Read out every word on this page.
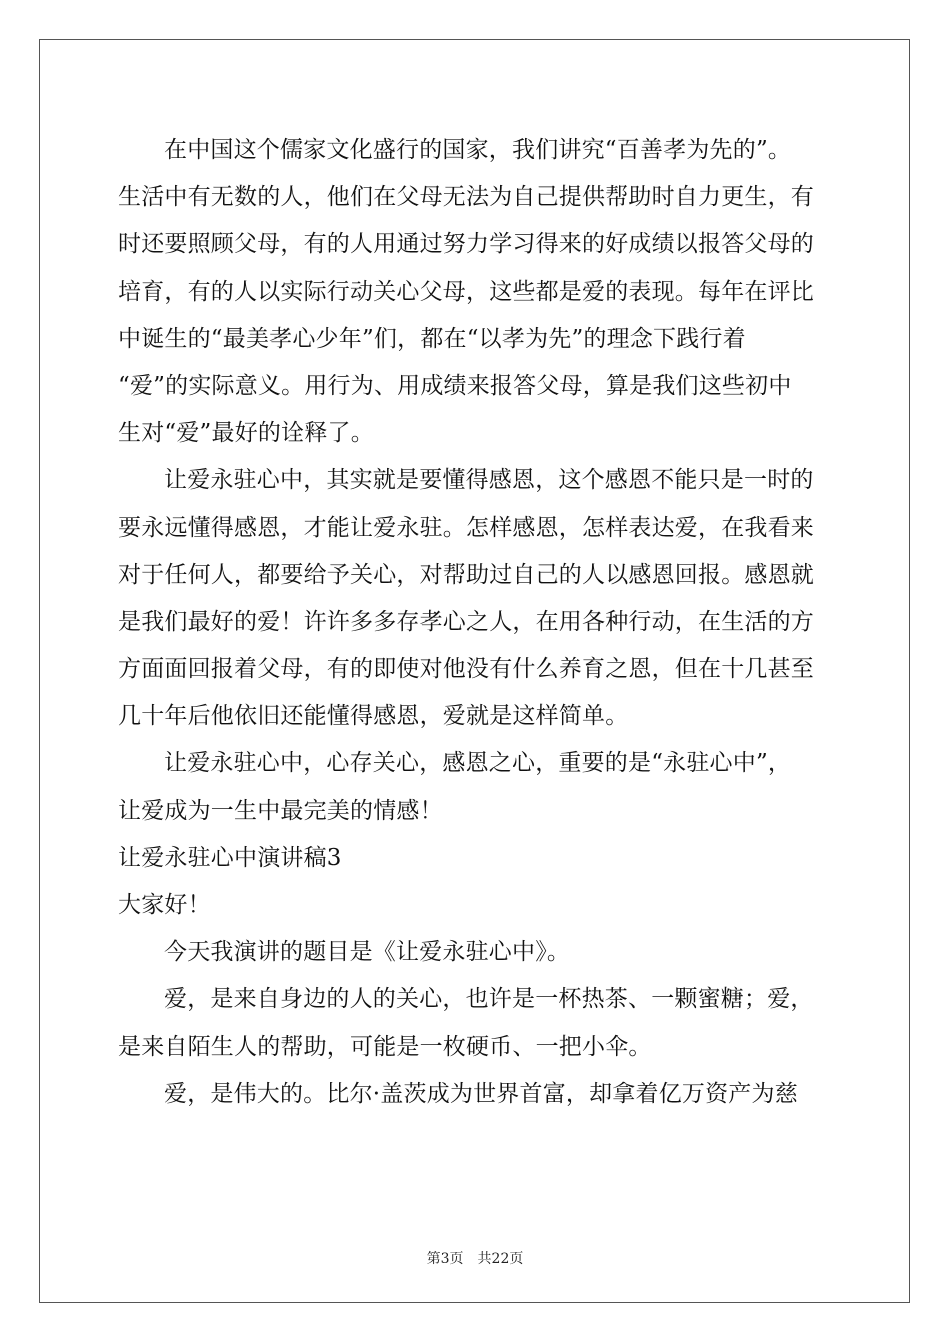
在中国这个儒家文化盛行的国家，我们讲究“百善孝为先的”。
生活中有无数的人，他们在父母无法为自己提供帮助时自力更生，有
时还要照顾父母，有的人用通过努力学习得来的好成绩以报答父母的
培育，有的人以实际行动关心父母，这些都是爱的表现。每年在评比
中诞生的“最美孝心少年”们，都在“以孝为先”的理念下践行着
“爱”的实际意义。用行为、用成绩来报答父母，算是我们这些初中
生对“爱”最好的诠释了。
让爱永驻心中，其实就是要懂得感恩，这个感恩不能只是一时的
要永远懂得感恩，才能让爱永驻。怎样感恩，怎样表达爱，在我看来
对于任何人，都要给予关心，对帮助过自己的人以感恩回报。感恩就
是我们最好的爱！许许多多存孝心之人，在用各种行动，在生活的方
方面面回报着父母，有的即使对他没有什么养育之恩，但在十几甚至
几十年后他依旧还能懂得感恩，爱就是这样简单。
让爱永驻心中，心存关心，感恩之心，重要的是“永驻心中”，
让爱成为一生中最完美的情感！
让爱永驻心中演讲稿3
大家好！
今天我演讲的题目是《让爱永驻心中》。
爱，是来自身边的人的关心，也许是一杯热茶、一颗蜜糖；爱，
是来自陌生人的帮助，可能是一枚硬币、一把小伞。
爱，是伟大的。比尔·盖茨成为世界首富，却拿着亿万资产为慈
第3页 共22页
